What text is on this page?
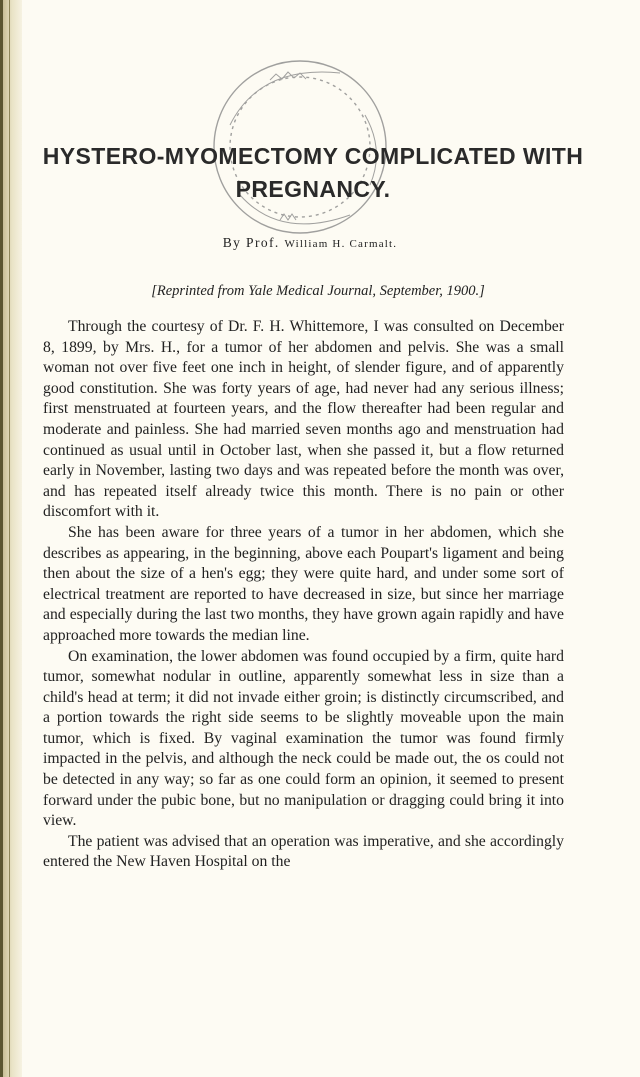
HYSTERO-MYOMECTOMY COMPLICATED WITH
PREGNANCY.

By Prof. William H. Carmalt.

[Reprinted from Yale Medical Journal, September, 1900.]

Through the courtesy of Dr. F. H. Whittemore, I was consulted on December 8, 1899, by Mrs. H., for a tumor of her abdomen and pelvis. She was a small woman not over five feet one inch in height, of slender figure, and of apparently good constitution. She was forty years of age, had never had any serious illness; first menstruated at fourteen years, and the flow thereafter had been regular and moderate and painless. She had married seven months ago and menstruation had continued as usual until in October last, when she passed it, but a flow returned early in November, lasting two days and was repeated before the month was over, and has repeated itself already twice this month. There is no pain or other discomfort with it.

She has been aware for three years of a tumor in her abdomen, which she describes as appearing, in the beginning, above each Poupart's ligament and being then about the size of a hen's egg; they were quite hard, and under some sort of electrical treatment are reported to have decreased in size, but since her marriage and especially during the last two months, they have grown again rapidly and have approached more towards the median line.

On examination, the lower abdomen was found occupied by a firm, quite hard tumor, somewhat nodular in outline, apparently somewhat less in size than a child's head at term; it did not invade either groin; is distinctly circumscribed, and a portion towards the right side seems to be slightly moveable upon the main tumor, which is fixed. By vaginal examination the tumor was found firmly impacted in the pelvis, and although the neck could be made out, the os could not be detected in any way; so far as one could form an opinion, it seemed to present forward under the pubic bone, but no manipulation or dragging could bring it into view.

The patient was advised that an operation was imperative, and she accordingly entered the New Haven Hospital on the
